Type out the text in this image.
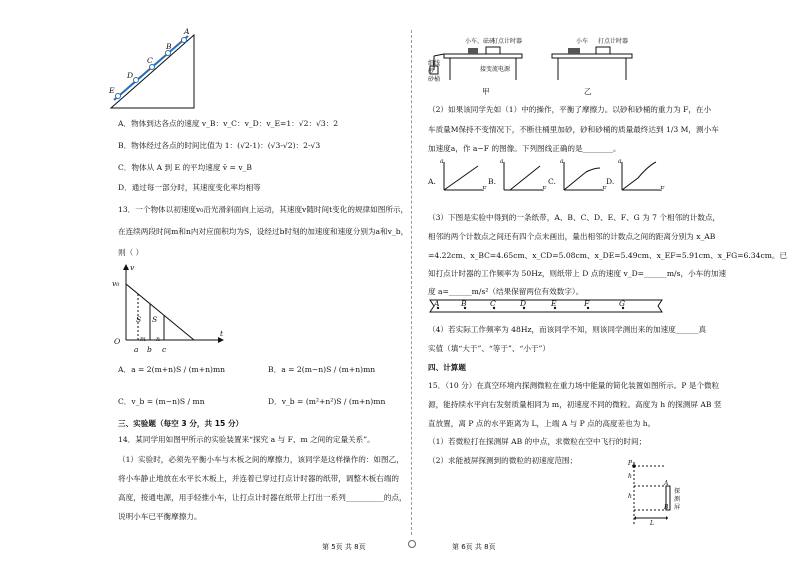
A
B
C
D
E
A．物体到达各点的速度 v_B：v_C：v_D：v_E=1：√2：√3：2
B．物体经过各点的时间比值为 1：(√2-1)：(√3-√2)：2-√3
C．物体从 A 到 E 的平均速度 v̄ = v_B
D．通过每一部分时，其速度变化率均相等
13．一个物体以初速度v₀沿光滑斜面向上运动，其速度v随时间t变化的规律如图所示，
在连续两段时间m和n内对应面积均为S，设经过b时刻的加速度和速度分别为a和v_b，
则（ ）
v
v₀
t
S S
O	m n
a b c
A．a = 2(m+n)S / (m+n)mn	B．a = 2(m−n)S / (m+n)mn
C．v_b = (m−n)S / mn	D．v_b = (m²+n²)S / (m+n)mn
三、实验题（每空 3 分，共 15 分）
14．某同学用如图甲所示的实验装置来“探究 a 与 F、m 之间的定量关系”。
（1）实验时，必须先平衡小车与木板之间的摩擦力，该同学是这样操作的：如图乙，
将小车静止地放在水平长木板上，并连着已穿过打点计时器的纸带，调整木板右端的
高度，接通电源，用手轻推小车，让打点计时器在纸带上打出一系列__________的点，
说明小车已平衡摩擦力。
第 5页 共 8页
小车、砝码
打点计时器
细线
砂
砂桶
接变流电源
甲
小车 打点计时器
乙
（2）如果该同学先如（1）中的操作，平衡了摩擦力。以砂和砂桶的重力为 F，在小
车质量M保持不变情况下，不断往桶里加砂，砂和砂桶的质量最终达到 1/3 M，测小车
加速度a，作 a−F 的图像。下列图线正确的是________。
A.
a
F
B.
a
F
C.
a
F
D.
a
F
（3）下图是实验中得到的一条纸带，A、B、C、D、E、F、G 为 7 个相邻的计数点，
相邻的两个计数点之间还有四个点未画出，量出相邻的计数点之间的距离分别为 x_AB
=4.22cm、x_BC=4.65cm、x_CD=5.08cm、x_DE=5.49cm、x_EF=5.91cm、x_FG=6.34cm。已
知打点计时器的工作频率为 50Hz，则纸带上 D 点的速度 v_D=______m/s，小车的加速
度 a=______m/s²（结果保留两位有效数字）。
A	B	C	D	E	F	G
（4）若实际工作频率为 48Hz，而该同学不知，则该同学测出来的加速度______真
实值（填“大于”、“等于”、“小于”）
四、计算题
15．（10 分）在真空环境内探测微粒在重力场中能量的简化装置如图所示。P 是个微粒
源，能持续水平向右发射质量相同为 m，初速度不同的微粒。高度为 h 的探测屏 AB 竖
直放置，离 P 点的水平距离为 L，上端 A 与 P 点的高度差也为 h。
（1）若微粒打在探测屏 AB 的中点，求微粒在空中飞行的时间；
（2）求能被屏探测到的微粒的初速度范围；	P
h
A
h
B
L
探测屏
第 6页 共 8页
